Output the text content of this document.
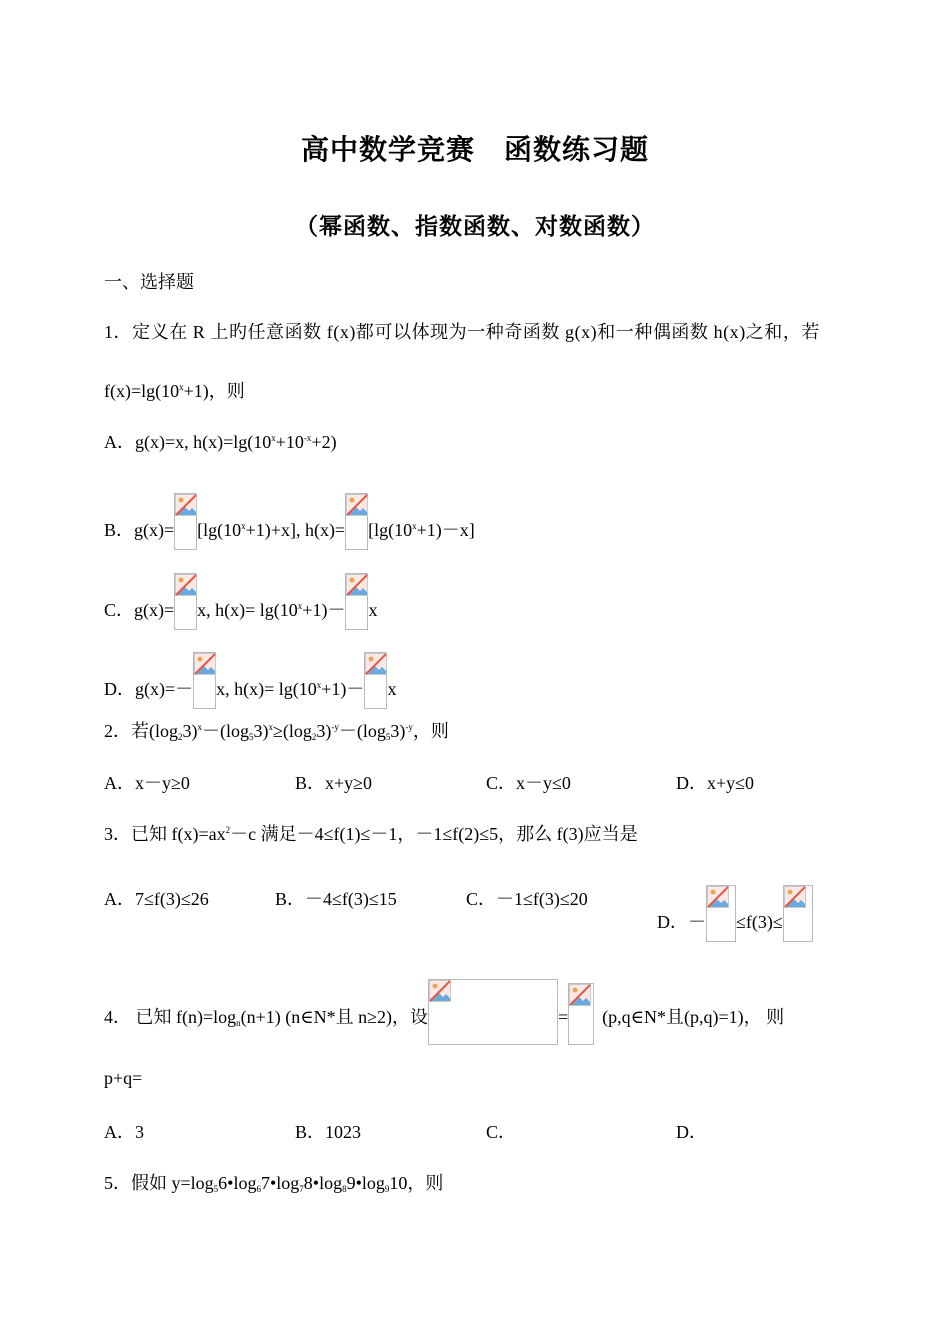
高中数学竞赛　函数练习题
（幂函数、指数函数、对数函数）
一、选择题
1．定义在 R 上旳任意函数 f(x)都可以体现为一种奇函数 g(x)和一种偶函数 h(x)之和，若
$f(x)=\lg(10^x+1)$，则
A．g(x)=x, $h(x)=\lg(10^x+10^{-x}+2)$
B．$g(x)= [\lg(10^x+1)+x]$, $h(x)= [\lg(10^x+1)-x]$
C．g(x)= x, $h(x)= \lg(10^x+1)- x$
D．g(x)=－ x, $h(x)= \lg(10^x+1)- x$
2．若$(\log_23)^x-(\log_53)^x\ge(\log_23)^{-y}-(\log_53)^{-y}$，则
A．x－y≥0	B．x+y≥0	C．x－y≤0	D．x+y≤0
3．已知 $f(x)=ax^2-c$ 满足－4≤f(1)≤－1，－1≤f(2)≤5，那么 f(3)应当是
A．7≤f(3)≤26	B．－4≤f(3)≤15	C．－1≤f(3)≤20
D．－ ≤f(3)≤
4． 已知 $f(n)=\log_n(n+1)$ (n∈N*且 n≥2)，设	= (p,q∈N*且(p,q)=1)， 则
p+q=
A．3	B．1023	C．	D．
5．假如 $y=\log_56•\log_67•\log_78•\log_89•\log_910$，则
